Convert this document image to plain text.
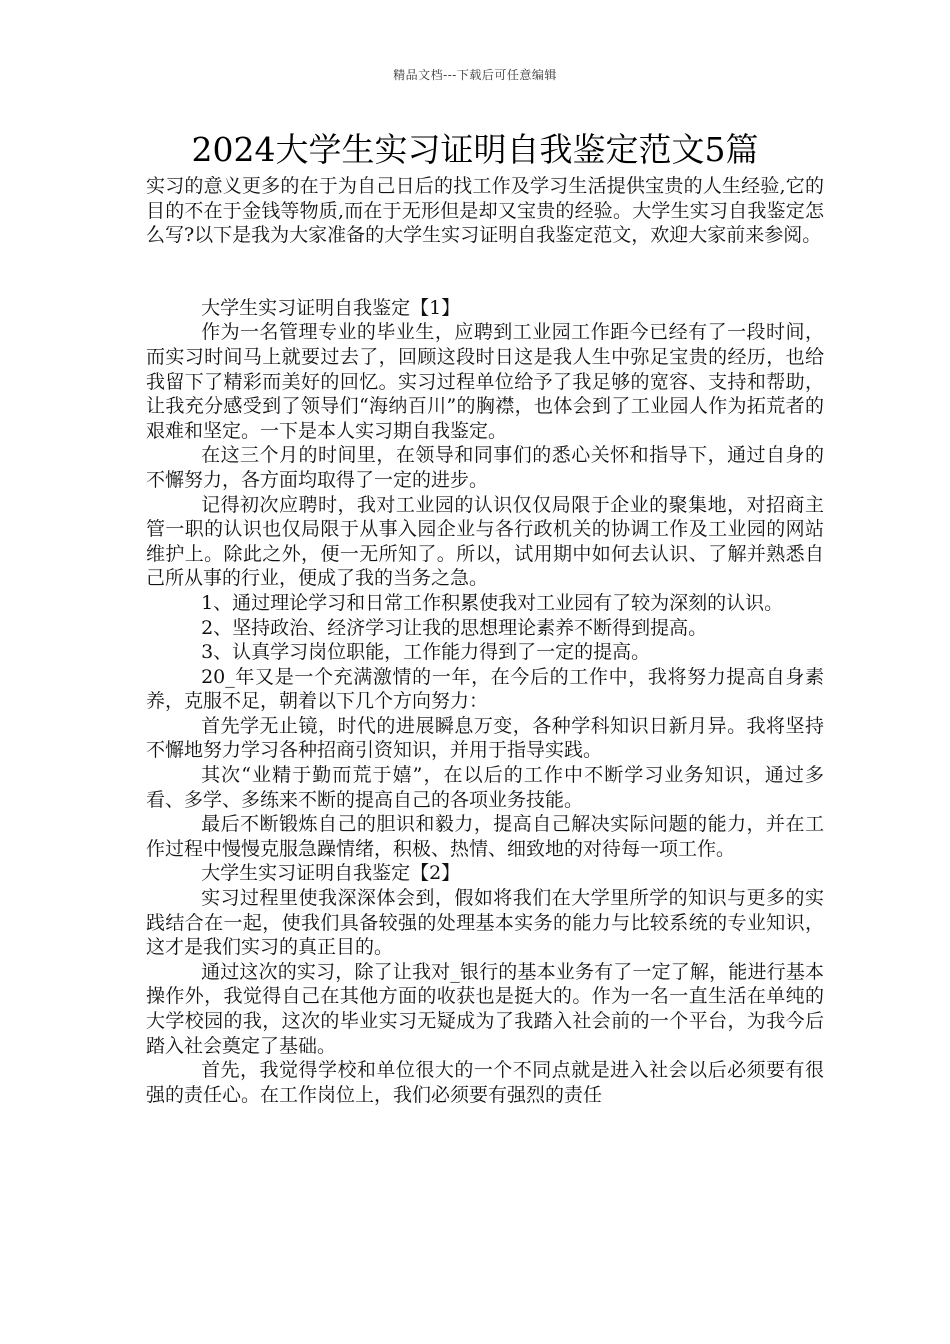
精品文档---下载后可任意编辑
2024大学生实习证明自我鉴定范文5篇

实习的意义更多的在于为自己日后的找工作及学习生活提供宝贵的人生经验,它的目的不在于金钱等物质,而在于无形但是却又宝贵的经验。大学生实习自我鉴定怎么写?以下是我为大家准备的大学生实习证明自我鉴定范文，欢迎大家前来参阅。

大学生实习证明自我鉴定【1】

作为一名管理专业的毕业生，应聘到工业园工作距今已经有了一段时间，而实习时间马上就要过去了，回顾这段时日这是我人生中弥足宝贵的经历，也给我留下了精彩而美好的回忆。实习过程单位给予了我足够的宽容、支持和帮助，让我充分感受到了领导们“海纳百川”的胸襟，也体会到了工业园人作为拓荒者的艰难和坚定。一下是本人实习期自我鉴定。

在这三个月的时间里，在领导和同事们的悉心关怀和指导下，通过自身的不懈努力，各方面均取得了一定的进步。

记得初次应聘时，我对工业园的认识仅仅局限于企业的聚集地，对招商主管一职的认识也仅局限于从事入园企业与各行政机关的协调工作及工业园的网站维护上。除此之外，便一无所知了。所以，试用期中如何去认识、了解并熟悉自己所从事的行业，便成了我的当务之急。

1、通过理论学习和日常工作积累使我对工业园有了较为深刻的认识。

2、坚持政治、经济学习让我的思想理论素养不断得到提高。

3、认真学习岗位职能，工作能力得到了一定的提高。

20_年又是一个充满激情的一年，在今后的工作中，我将努力提高自身素养，克服不足，朝着以下几个方向努力：

首先学无止镜，时代的进展瞬息万变，各种学科知识日新月异。我将坚持不懈地努力学习各种招商引资知识，并用于指导实践。

其次“业精于勤而荒于嬉”，在以后的工作中不断学习业务知识，通过多看、多学、多练来不断的提高自己的各项业务技能。

最后不断锻炼自己的胆识和毅力，提高自己解决实际问题的能力，并在工作过程中慢慢克服急躁情绪，积极、热情、细致地的对待每一项工作。

大学生实习证明自我鉴定【2】

实习过程里使我深深体会到，假如将我们在大学里所学的知识与更多的实践结合在一起，使我们具备较强的处理基本实务的能力与比较系统的专业知识，这才是我们实习的真正目的。

通过这次的实习，除了让我对_银行的基本业务有了一定了解，能进行基本操作外，我觉得自己在其他方面的收获也是挺大的。作为一名一直生活在单纯的大学校园的我，这次的毕业实习无疑成为了我踏入社会前的一个平台，为我今后踏入社会奠定了基础。

首先，我觉得学校和单位很大的一个不同点就是进入社会以后必须要有很强的责任心。在工作岗位上，我们必须要有强烈的责任
